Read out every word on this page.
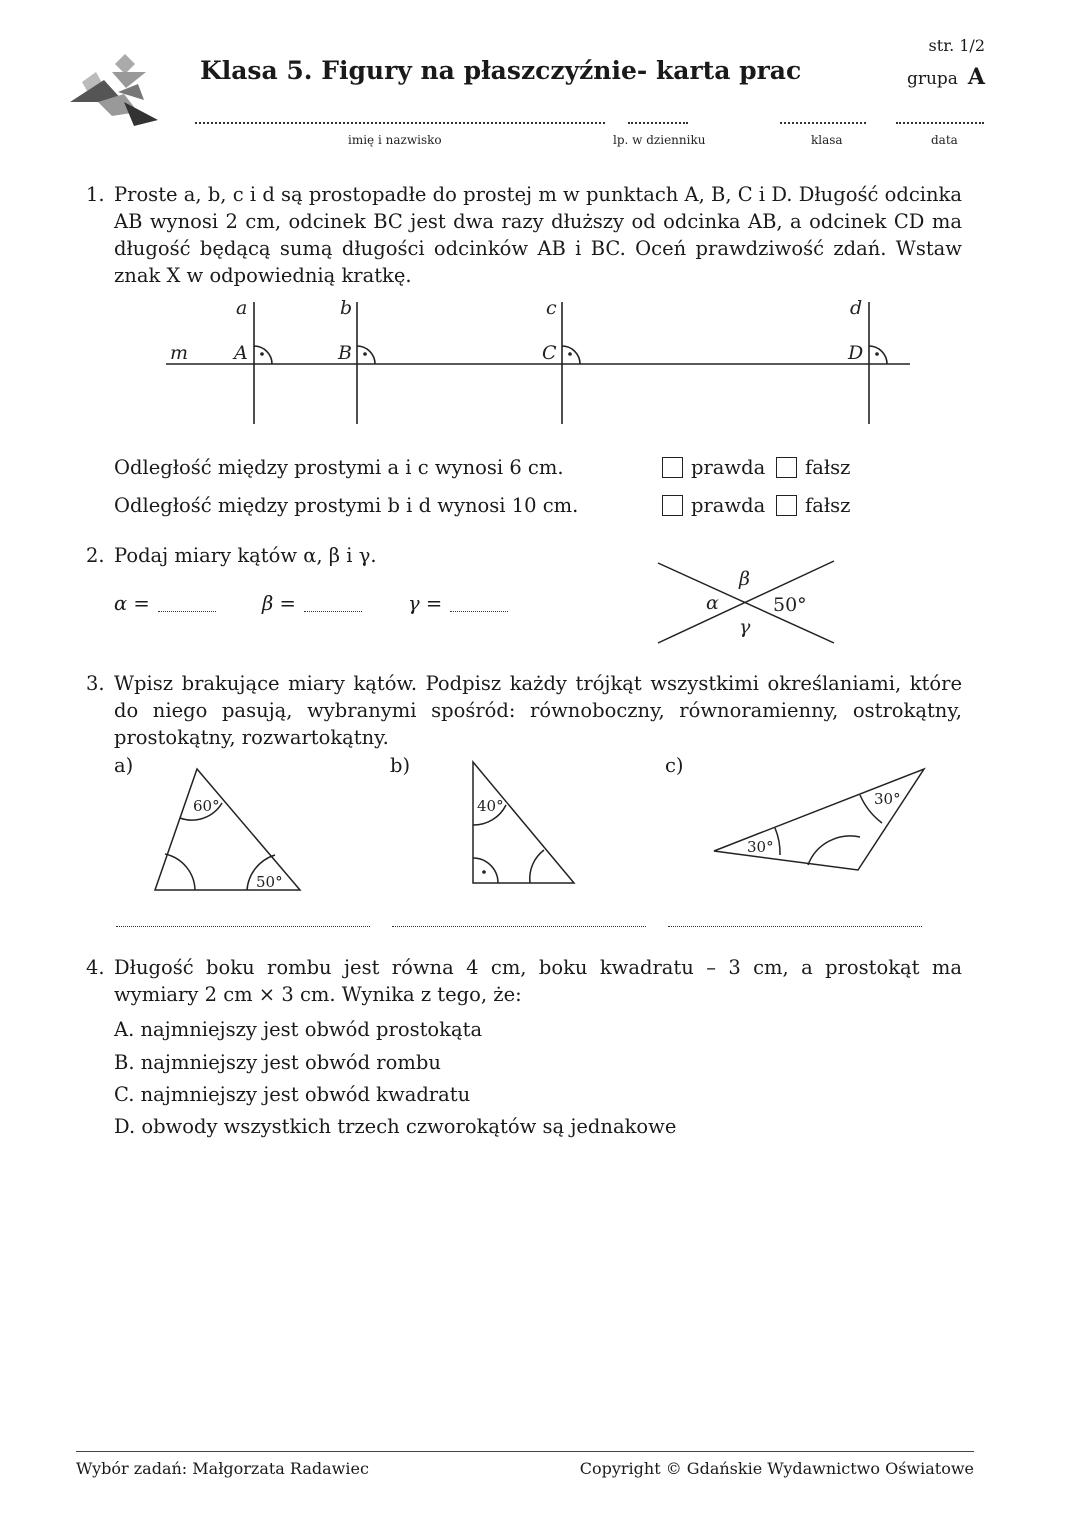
Klasa 5. Figury na płaszczyźnie- karta prac
str. 1/2
grupa A
imię i nazwisko	lp. w dzienniku	klasa	data
1. Proste a, b, c i d są prostopadłe do prostej m w punktach A, B, C i D. Długość odcinka AB wynosi 2 cm, odcinek BC jest dwa razy dłuższy od odcinka AB, a odcinek CD ma długość będącą sumą długości odcinków AB i BC. Oceń prawdziwość zdań. Wstaw znak X w odpowiednią kratkę.
m
a	b	c	d
A	B	C	D
Odległość między prostymi a i c wynosi 6 cm.	prawda	fałsz
Odległość między prostymi b i d wynosi 10 cm.	prawda	fałsz
2. Podaj miary kątów α, β i γ.
α =	β =	γ =	α
β
γ
50°
3. Wpisz brakujące miary kątów. Podpisz każdy trójkąt wszystkimi określaniami, które do niego pasują, wybranymi spośród: równoboczny, równoramienny, ostrokątny, prostokątny, rozwartokątny.
a)	b)	c)
60°
50°
40°
30°
30°
4. Długość boku rombu jest równa 4 cm, boku kwadratu – 3 cm, a prostokąt ma wymiary 2 cm × 3 cm. Wynika z tego, że:
A. najmniejszy jest obwód prostokąta
B. najmniejszy jest obwód rombu
C. najmniejszy jest obwód kwadratu
D. obwody wszystkich trzech czworokątów są jednakowe
Wybór zadań: Małgorzata Radawiec	Copyright © Gdańskie Wydawnictwo Oświatowe
